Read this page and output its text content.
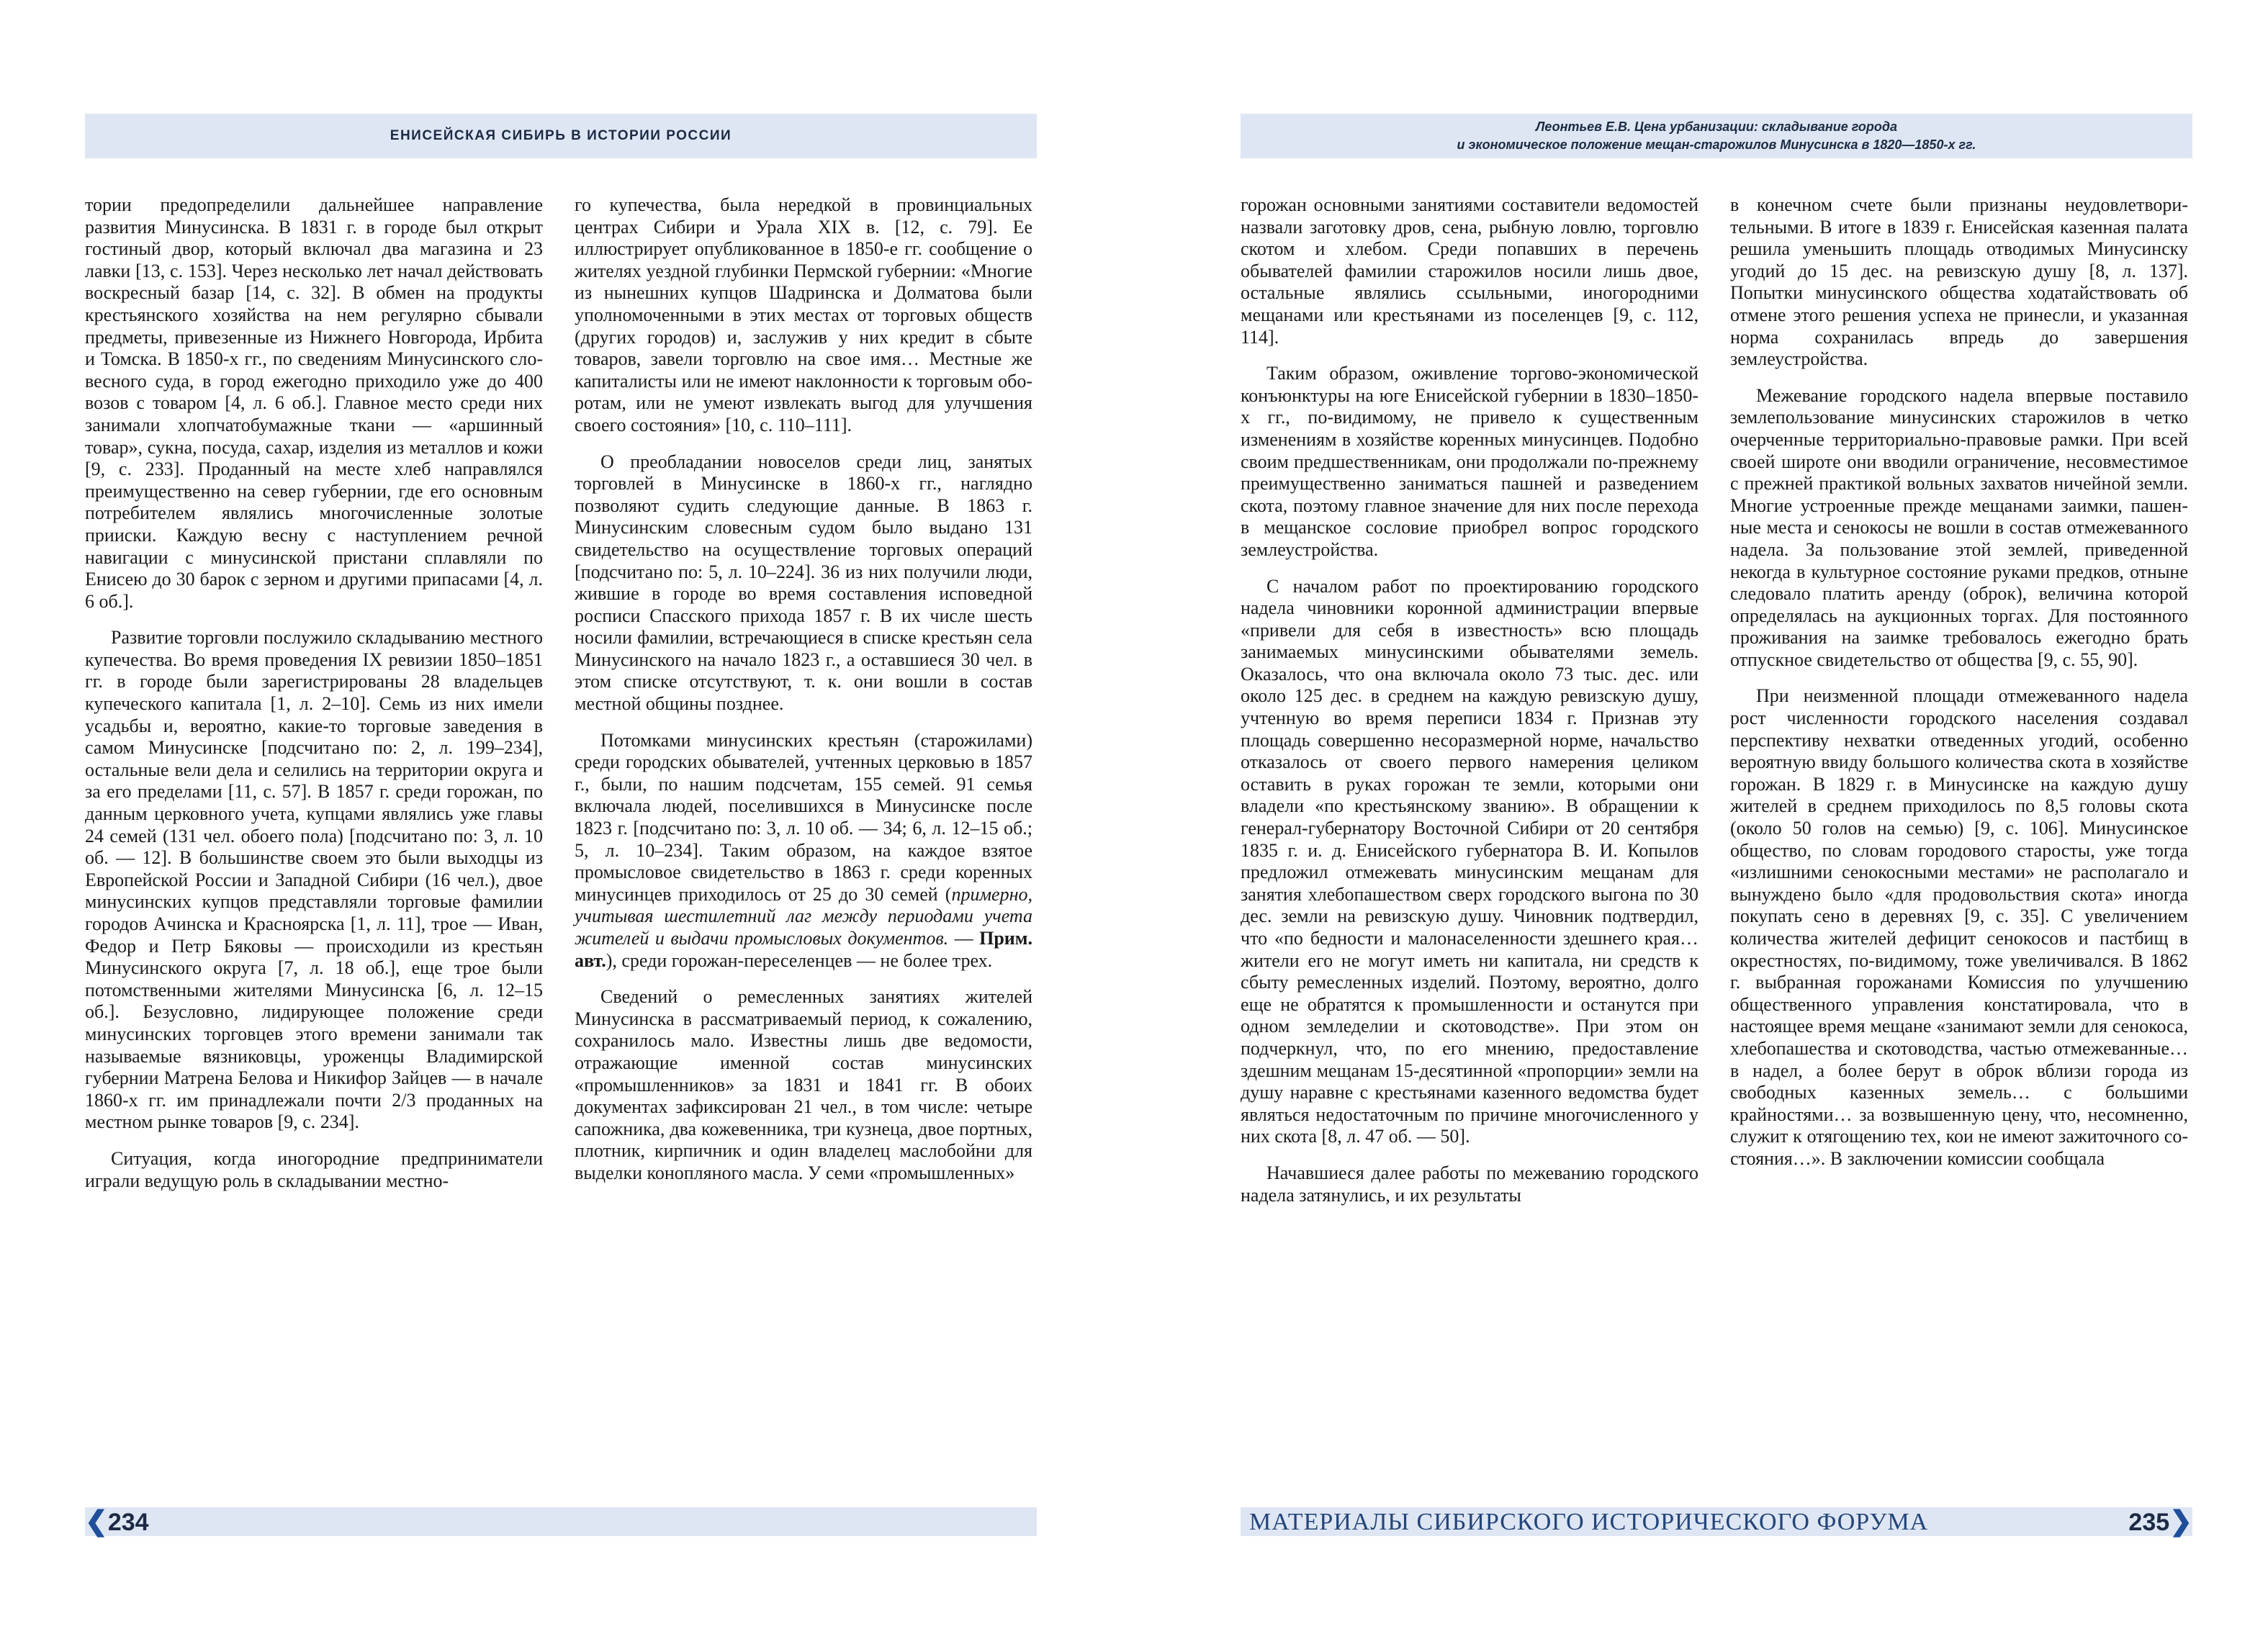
ЕНИСЕЙСКАЯ СИБИРЬ В ИСТОРИИ РОССИИ

тории предопределили дальнейшее направление развития Минусинска. В 1831 г. в городе был открыт гостиный двор, который включал два магазина и 23 лавки [13, с. 153]. Через несколько лет начал действовать воскресный базар [14, с. 32]. В обмен на продукты крестьянского хозяйства на нем регулярно сбывали предметы, привезенные из Нижнего Новгорода, Ирбита и Томска. В 1850-х гг., по сведениям Минусинского словесного суда, в город ежегодно приходило уже до 400 возов с товаром [4, л. 6 об.]. Главное место среди них занимали хлопчатобумажные ткани — «аршинный товар», сукна, посуда, сахар, изделия из металлов и кожи [9, с. 233]. Проданный на месте хлеб направлялся преимущественно на север губернии, где его основным потребителем являлись многочисленные золотые прииски. Каждую весну с наступлением речной навигации с минусинской пристани сплавляли по Енисею до 30 барок с зерном и другими припасами [4, л. 6 об.].

Развитие торговли послужило складыванию местного купечества. Во время проведения IX ревизии 1850–1851 гг. в городе были зарегистрированы 28 владельцев купеческого капитала [1, л. 2–10]. Семь из них имели усадьбы и, вероятно, какие-то торговые заведения в самом Минусинске [подсчитано по: 2, л. 199–234], остальные вели дела и селились на территории округа и за его пределами [11, с. 57]. В 1857 г. среди горожан, по данным церковного учета, купцами являлись уже главы 24 семей (131 чел. обоего пола) [подсчитано по: 3, л. 10 об. — 12]. В большинстве своем это были выходцы из Европейской России и Западной Сибири (16 чел.), двое минусинских купцов представляли торговые фамилии городов Ачинска и Красноярска [1, л. 11], трое — Иван, Федор и Петр Бяковы — происходили из крестьян Минусинского округа [7, л. 18 об.], еще трое были потомственными жителями Минусинска [6, л. 12–15 об.]. Безусловно, лидирующее положение среди минусинских торговцев этого времени занимали так называемые вязниковцы, уроженцы Владимирской губернии Матрена Белова и Никифор Зайцев — в начале 1860-х гг. им принадлежали почти 2/3 проданных на местном рынке товаров [9, с. 234].

Ситуация, когда иногородние предприниматели играли ведущую роль в складывании местно-

го купечества, была нередкой в провинциальных центрах Сибири и Урала XIX в. [12, с. 79]. Ее иллюстрирует опубликованное в 1850-е гг. сообщение о жителях уездной глубинки Пермской губернии: «Многие из нынешних купцов Шадринска и Долматова были уполномоченными в этих местах от торговых обществ (других городов) и, заслужив у них кредит в сбыте товаров, завели торговлю на свое имя… Местные же капиталисты или не имеют наклонности к торговым оборотам, или не умеют извлекать выгод для улучшения своего состояния» [10, с. 110–111].

О преобладании новоселов среди лиц, занятых торговлей в Минусинске в 1860-х гг., наглядно позволяют судить следующие данные. В 1863 г. Минусинским словесным судом было выдано 131 свидетельство на осуществление торговых операций [подсчитано по: 5, л. 10–224]. 36 из них получили люди, жившие в городе во время составления исповедной росписи Спасского прихода 1857 г. В их числе шесть носили фамилии, встречающиеся в списке крестьян села Минусинского на начало 1823 г., а оставшиеся 30 чел. в этом списке отсутствуют, т. к. они вошли в состав местной общины позднее.

Потомками минусинских крестьян (старожилами) среди городских обывателей, учтенных церковью в 1857 г., были, по нашим подсчетам, 155 семей. 91 семья включала людей, поселившихся в Минусинске после 1823 г. [подсчитано по: 3, л. 10 об. — 34; 6, л. 12–15 об.; 5, л. 10–234]. Таким образом, на каждое взятое промысловое свидетельство в 1863 г. среди коренных минусинцев приходилось от 25 до 30 семей (примерно, учитывая шестилетний лаг между периодами учета жителей и выдачи промысловых документов. — Прим. авт.), среди горожан-переселенцев — не более трех.

Сведений о ремесленных занятиях жителей Минусинска в рассматриваемый период, к сожалению, сохранилось мало. Известны лишь две ведомости, отражающие именной состав минусинских «промышленников» за 1831 и 1841 гг. В обоих документах зафиксирован 21 чел., в том числе: четыре сапожника, два кожевенника, три кузнеца, двое портных, плотник, кирпичник и один владелец маслобойни для выделки конопляного масла. У семи «промышленных»

❮234
Леонтьев Е.В. Цена урбанизации: складывание города
и экономическое положение мещан-старожилов Минусинска в 1820—1850-х гг.

горожан основными занятиями составители ведомостей назвали заготовку дров, сена, рыбную ловлю, торговлю скотом и хлебом. Среди попавших в перечень обывателей фамилии старожилов носили лишь двое, остальные являлись ссыльными, иногородними мещанами или крестьянами из поселенцев [9, с. 112, 114].

Таким образом, оживление торгово-экономической конъюнктуры на юге Енисейской губернии в 1830–1850-х гг., по-видимому, не привело к существенным изменениям в хозяйстве коренных минусинцев. Подобно своим предшественникам, они продолжали по-прежнему преимущественно заниматься пашней и разведением скота, поэтому главное значение для них после перехода в мещанское сословие приобрел вопрос городского землеустройства.

С началом работ по проектированию городского надела чиновники коронной администрации впервые «привели для себя в известность» всю площадь занимаемых минусинскими обывателями земель. Оказалось, что она включала около 73 тыс. дес. или около 125 дес. в среднем на каждую ревизскую душу, учтенную во время переписи 1834 г. Признав эту площадь совершенно несоразмерной норме, начальство отказалось от своего первого намерения целиком оставить в руках горожан те земли, которыми они владели «по крестьянскому званию». В обращении к генерал-губернатору Восточной Сибири от 20 сентября 1835 г. и. д. Енисейского губернатора В. И. Копылов предложил отмежевать минусинским мещанам для занятия хлебопашеством сверх городского выгона по 30 дес. земли на ревизскую душу. Чиновник подтвердил, что «по бедности и малонаселенности здешнего края… жители его не могут иметь ни капитала, ни средств к сбыту ремесленных изделий. Поэтому, вероятно, долго еще не обратятся к промышленности и останутся при одном земледелии и скотоводстве». При этом он подчеркнул, что, по его мнению, предоставление здешним мещанам 15-десятинной «пропорции» земли на душу наравне с крестьянами казенного ведомства будет являться недостаточным по причине многочисленного у них скота [8, л. 47 об. — 50].

Начавшиеся далее работы по межеванию городского надела затянулись, и их результаты

в конечном счете были признаны неудовлетворительными. В итоге в 1839 г. Енисейская казенная палата решила уменьшить площадь отводимых Минусинску угодий до 15 дес. на ревизскую душу [8, л. 137]. Попытки минусинского общества ходатайствовать об отмене этого решения успеха не принесли, и указанная норма сохранилась впредь до завершения землеустройства.

Межевание городского надела впервые поставило землепользование минусинских старожилов в четко очерченные территориально-правовые рамки. При всей своей широте они вводили ограничение, несовместимое с прежней практикой вольных захватов ничейной земли. Многие устроенные прежде мещанами заимки, пашенные места и сенокосы не вошли в состав отмежеванного надела. За пользование этой землей, приведенной некогда в культурное состояние руками предков, отныне следовало платить аренду (оброк), величина которой определялась на аукционных торгах. Для постоянного проживания на заимке требовалось ежегодно брать отпускное свидетельство от общества [9, с. 55, 90].

При неизменной площади отмежеванного надела рост численности городского населения создавал перспективу нехватки отведенных угодий, особенно вероятную ввиду большого количества скота в хозяйстве горожан. В 1829 г. в Минусинске на каждую душу жителей в среднем приходилось по 8,5 головы скота (около 50 голов на семью) [9, с. 106]. Минусинское общество, по словам городового старосты, уже тогда «излишними сенокосными местами» не располагало и вынуждено было «для продовольствия скота» иногда покупать сено в деревнях [9, с. 35]. С увеличением количества жителей дефицит сенокосов и пастбищ в окрестностях, по-видимому, тоже увеличивался. В 1862 г. выбранная горожанами Комиссия по улучшению общественного управления констатировала, что в настоящее время мещане «занимают земли для сенокоса, хлебопашества и скотоводства, частью отмежеванные… в надел, а более берут в оброк вблизи города из свободных казенных земель… с большими крайностями… за возвышенную цену, что, несомненно, служит к отягощению тех, кои не имеют зажиточного состояния…». В заключении комиссии сообщала

МАТЕРИАЛЫ СИБИРСКОГО ИСТОРИЧЕСКОГО ФОРУМА	235❯
